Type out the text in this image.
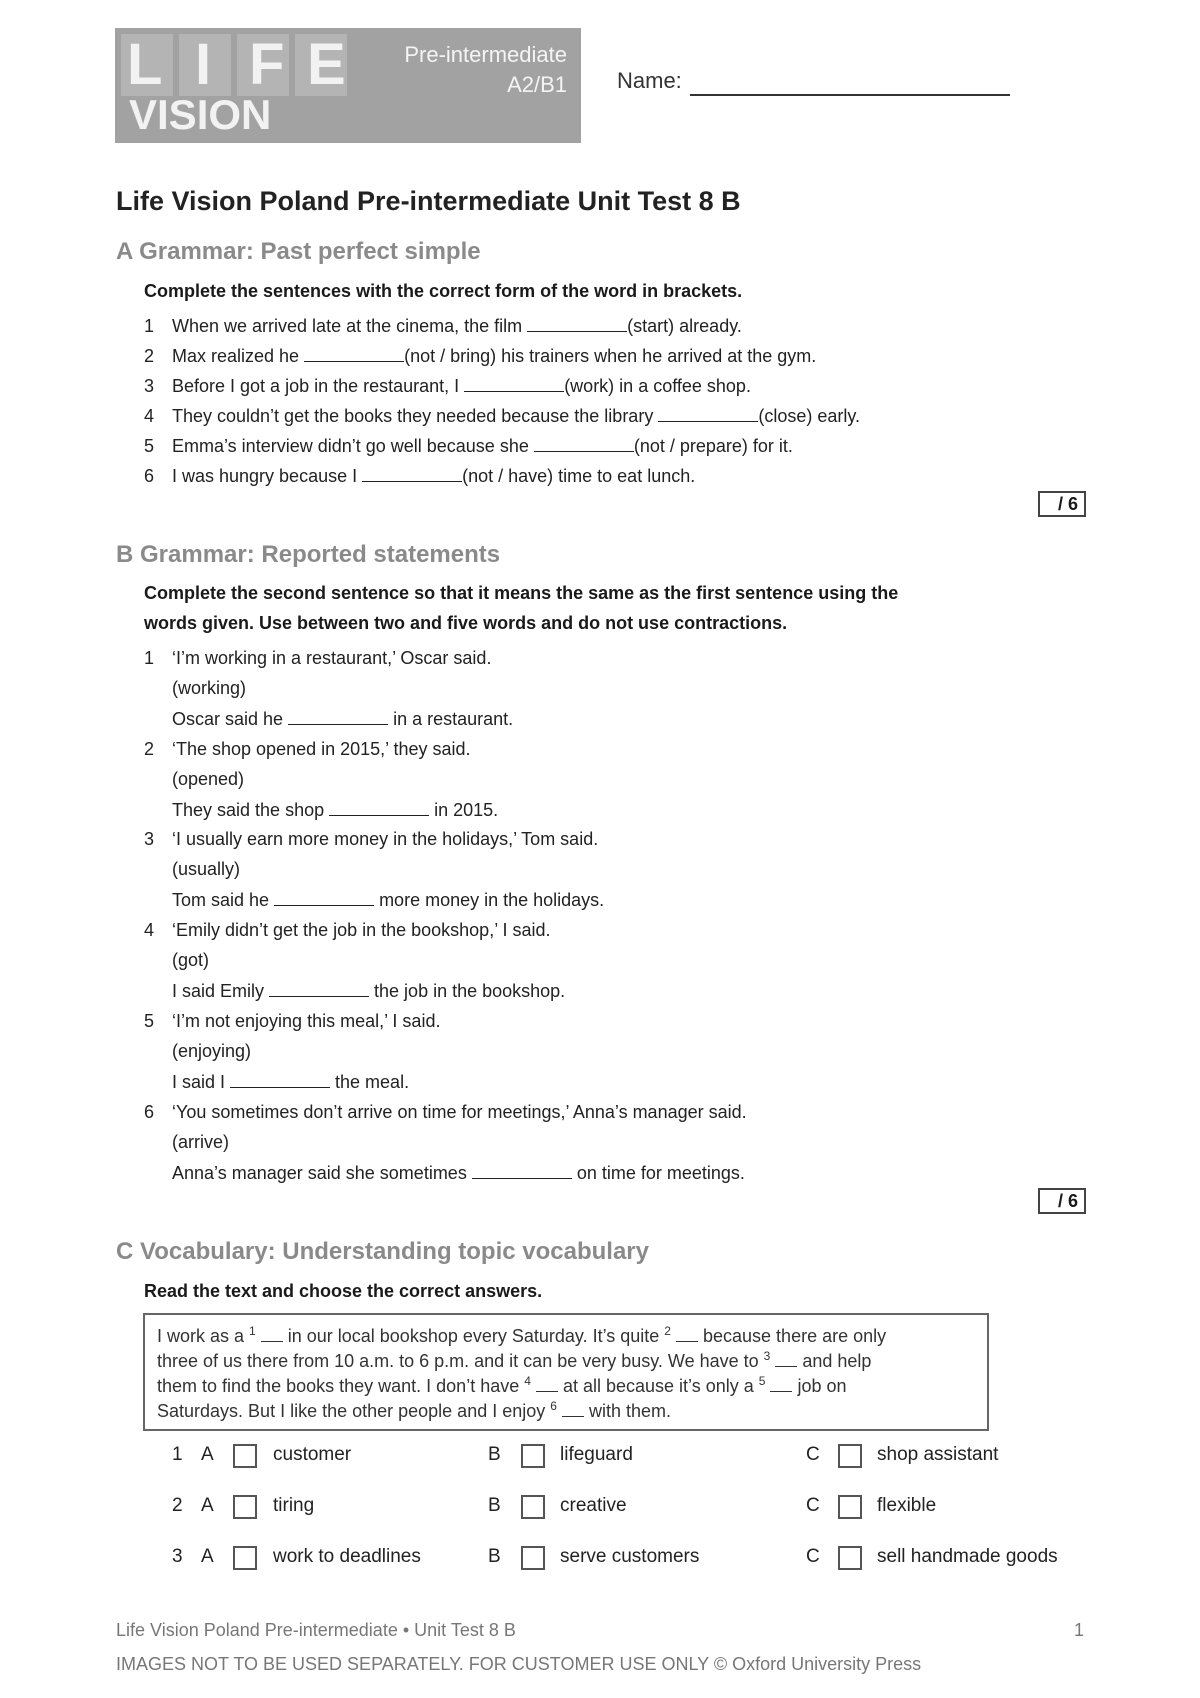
L I F E
VISION
Pre-intermediate
A2/B1 Name:
Life Vision Poland Pre-intermediate Unit Test 8 B
A Grammar: Past perfect simple
Complete the sentences with the correct form of the word in brackets.
1 When we arrived late at the cinema, the film	(start) already.
2 Max realized he	(not / bring) his trainers when he arrived at the gym.
3 Before I got a job in the restaurant, I	(work) in a coffee shop.
4 They couldn’t get the books they needed because the library	(close) early.
5 Emma’s interview didn’t go well because she	(not / prepare) for it.
6 I was hungry because I	(not / have) time to eat lunch.
/ 6
B Grammar: Reported statements
Complete the second sentence so that it means the same as the first sentence using the
words given. Use between two and five words and do not use contractions.
1 ‘I’m working in a restaurant,’ Oscar said.
(working)
Oscar said he	in a restaurant.
2 ‘The shop opened in 2015,’ they said.
(opened)
They said the shop	in 2015.
3 ‘I usually earn more money in the holidays,’ Tom said.
(usually)
Tom said he	more money in the holidays.
4 ‘Emily didn’t get the job in the bookshop,’ I said.
(got)
I said Emily	the job in the bookshop.
5 ‘I’m not enjoying this meal,’ I said.
(enjoying)
I said I	the meal.
6 ‘You sometimes don’t arrive on time for meetings,’ Anna’s manager said.
(arrive)
Anna’s manager said she sometimes	on time for meetings.
/ 6
C Vocabulary: Understanding topic vocabulary
Read the text and choose the correct answers.
I work as a $^1$  in our local bookshop every Saturday. It’s quite $^2$  because there are only
three of us there from 10 a.m. to 6 p.m. and it can be very busy. We have to $^3$  and help
them to find the books they want. I don’t have $^4$  at all because it’s only a $^5$  job on
Saturdays. But I like the other people and I enjoy $^6$  with them.
1 A	customer	B	lifeguard	C	shop assistant
2 A	tiring	B	creative	C	flexible
3 A	work to deadlines	B	serve customers	C	sell handmade goods
Life Vision Poland Pre-intermediate • Unit Test 8 B	1
IMAGES NOT TO BE USED SEPARATELY. FOR CUSTOMER USE ONLY © Oxford University Press
